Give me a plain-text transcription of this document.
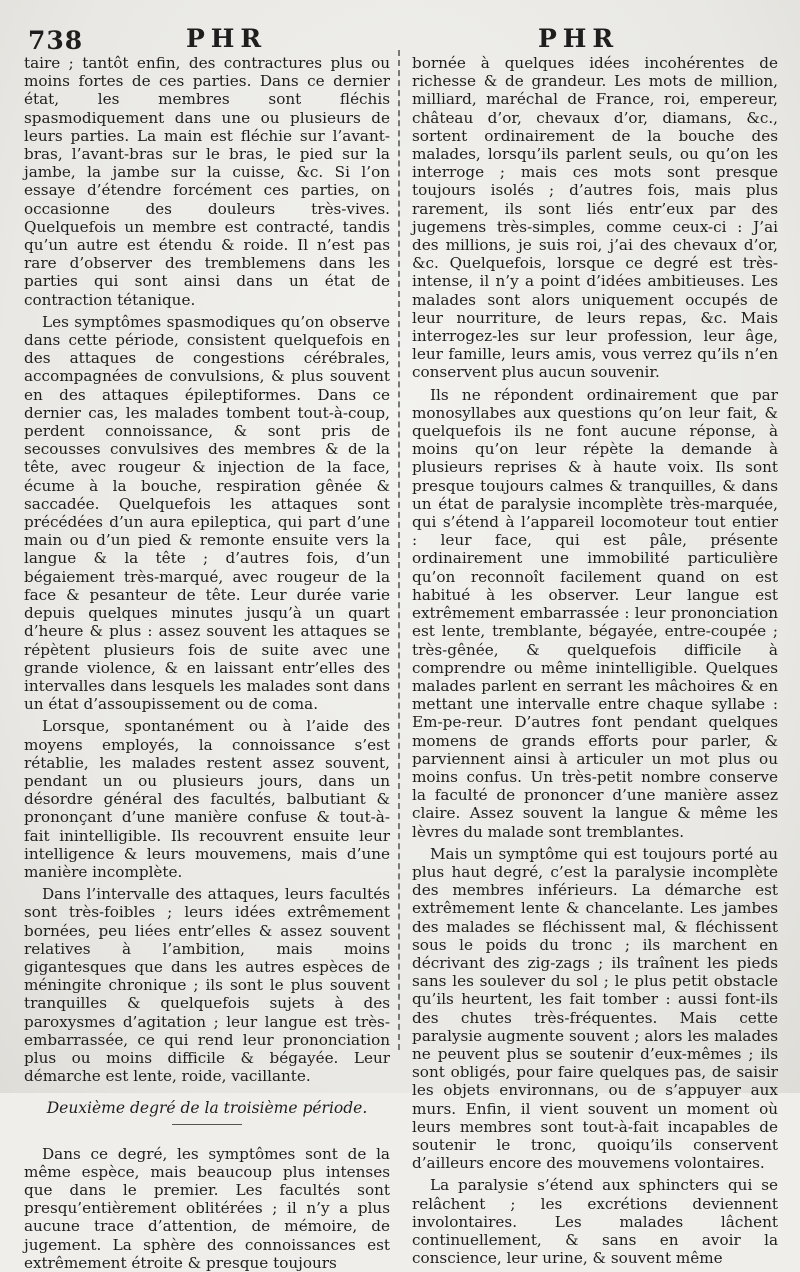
738	PHR	PHR

taire ; tantôt enfin, des contractures plus ou moins fortes de ces parties. Dans ce dernier état, les membres sont fléchis spasmodiquement dans une ou plusieurs de leurs parties. La main est fléchie sur l’avant-bras, l’avant-bras sur le bras, le pied sur la jambe, la jambe sur la cuisse, &c. Si l’on essaye d’étendre forcément ces parties, on occasionne des douleurs très-vives. Quelquefois un membre est contracté, tandis qu’un autre est étendu & roide. Il n’est pas rare d’observer des tremblemens dans les parties qui sont ainsi dans un état de contraction tétanique.

Les symptômes spasmodiques qu’on observe dans cette période, consistent quelquefois en des attaques de congestions cérébrales, accompagnées de convulsions, & plus souvent en des attaques épileptiformes. Dans ce dernier cas, les malades tombent tout-à-coup, perdent connoissance, & sont pris de secousses convulsives des membres & de la tête, avec rougeur & injection de la face, écume à la bouche, respiration gênée & saccadée. Quelquefois les attaques sont précédées d’un aura epileptica, qui part d’une main ou d’un pied & remonte ensuite vers la langue & la tête ; d’autres fois, d’un bégaiement très-marqué, avec rougeur de la face & pesanteur de tête. Leur durée varie depuis quelques minutes jusqu’à un quart d’heure & plus : assez souvent les attaques se répètent plusieurs fois de suite avec une grande violence, & en laissant entr’elles des intervalles dans lesquels les malades sont dans un état d’assoupissement ou de coma.

Lorsque, spontanément ou à l’aide des moyens employés, la connoissance s’est rétablie, les malades restent assez souvent, pendant un ou plusieurs jours, dans un désordre général des facultés, balbutiant & prononçant d’une manière confuse & tout-à-fait inintelligible. Ils recouvrent ensuite leur intelligence & leurs mouvemens, mais d’une manière incomplète.

Dans l’intervalle des attaques, leurs facultés sont très-foibles ; leurs idées extrêmement bornées, peu liées entr’elles & assez souvent relatives à l’ambition, mais moins gigantesques que dans les autres espèces de méningite chronique ; ils sont le plus souvent tranquilles & quelquefois sujets à des paroxysmes d’agitation ; leur langue est très-embarrassée, ce qui rend leur prononciation plus ou moins difficile & bégayée. Leur démarche est lente, roide, vacillante.

Deuxième degré de la troisième période.

Dans ce degré, les symptômes sont de la même espèce, mais beaucoup plus intenses que dans le premier. Les facultés sont presqu’entièrement oblitérées ; il n’y a plus aucune trace d’attention, de mémoire, de jugement. La sphère des connoissances est extrêmement étroite & presque toujours

bornée à quelques idées incohérentes de richesse & de grandeur. Les mots de million, milliard, maréchal de France, roi, empereur, château d’or, chevaux d’or, diamans, &c., sortent ordinairement de la bouche des malades, lorsqu’ils parlent seuls, ou qu’on les interroge ; mais ces mots sont presque toujours isolés ; d’autres fois, mais plus rarement, ils sont liés entr’eux par des jugemens très-simples, comme ceux-ci : J’ai des millions, je suis roi, j’ai des chevaux d’or, &c. Quelquefois, lorsque ce degré est très-intense, il n’y a point d’idées ambitieuses. Les malades sont alors uniquement occupés de leur nourriture, de leurs repas, &c. Mais interrogez-les sur leur profession, leur âge, leur famille, leurs amis, vous verrez qu’ils n’en conservent plus aucun souvenir.

Ils ne répondent ordinairement que par monosyllabes aux questions qu’on leur fait, & quelquefois ils ne font aucune réponse, à moins qu’on leur répète la demande à plusieurs reprises & à haute voix. Ils sont presque toujours calmes & tranquilles, & dans un état de paralysie incomplète très-marquée, qui s’étend à l’appareil locomoteur tout entier : leur face, qui est pâle, présente ordinairement une immobilité particulière qu’on reconnoît facilement quand on est habitué à les observer. Leur langue est extrêmement embarrassée : leur prononciation est lente, tremblante, bégayée, entre-coupée ; très-gênée, & quelquefois difficile à comprendre ou même inintelligible. Quelques malades parlent en serrant les mâchoires & en mettant une intervalle entre chaque syllabe : Em-pe-reur. D’autres font pendant quelques momens de grands efforts pour parler, & parviennent ainsi à articuler un mot plus ou moins confus. Un très-petit nombre conserve la faculté de prononcer d’une manière assez claire. Assez souvent la langue & même les lèvres du malade sont tremblantes.

Mais un symptôme qui est toujours porté au plus haut degré, c’est la paralysie incomplète des membres inférieurs. La démarche est extrêmement lente & chancelante. Les jambes des malades se fléchissent mal, & fléchissent sous le poids du tronc ; ils marchent en décrivant des zig-zags ; ils traînent les pieds sans les soulever du sol ; le plus petit obstacle qu’ils heurtent, les fait tomber : aussi font-ils des chutes très-fréquentes. Mais cette paralysie augmente souvent ; alors les malades ne peuvent plus se soutenir d’eux-mêmes ; ils sont obligés, pour faire quelques pas, de saisir les objets environnans, ou de s’appuyer aux murs. Enfin, il vient souvent un moment où leurs membres sont tout-à-fait incapables de soutenir le tronc, quoiqu’ils conservent d’ailleurs encore des mouvemens volontaires.

La paralysie s’étend aux sphincters qui se relâchent ; les excrétions deviennent involontaires. Les malades lâchent continuellement, & sans en avoir la conscience, leur urine, & souvent même
